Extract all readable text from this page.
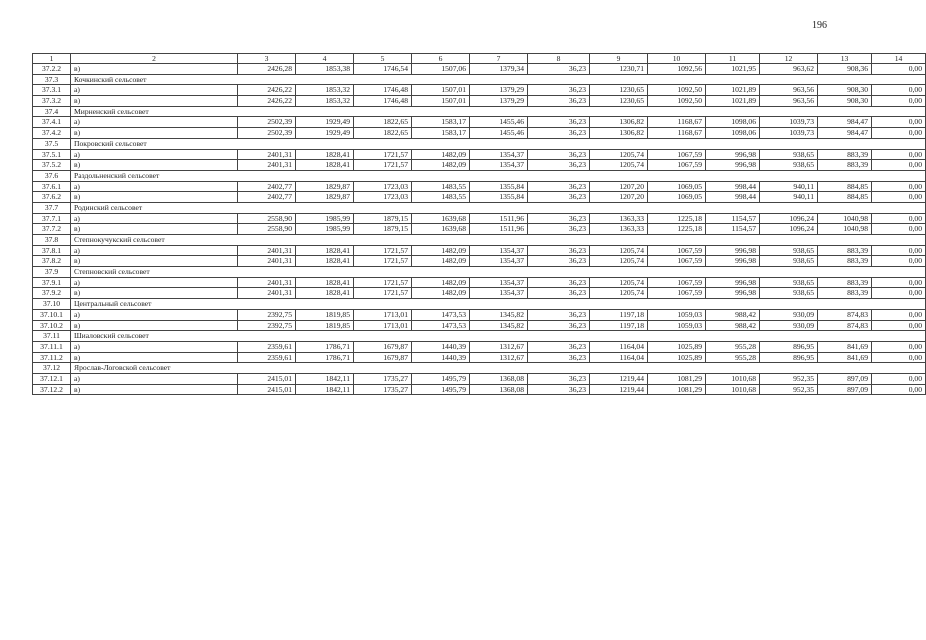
196
1	2	3	4	5	6	7	8	9	10	11	12	13	14
37.2.2	в)	2426,28	1853,38	1746,54	1507,06	1379,34	36,23	1230,71	1092,56	1021,95	963,62	908,36	0,00
37.3	Кочкинский сельсовет												
37.3.1	а)	2426,22	1853,32	1746,48	1507,01	1379,29	36,23	1230,65	1092,50	1021,89	963,56	908,30	0,00
37.3.2	в)	2426,22	1853,32	1746,48	1507,01	1379,29	36,23	1230,65	1092,50	1021,89	963,56	908,30	0,00
37.4	Мирненский сельсовет												
37.4.1	а)	2502,39	1929,49	1822,65	1583,17	1455,46	36,23	1306,82	1168,67	1098,06	1039,73	984,47	0,00
37.4.2	в)	2502,39	1929,49	1822,65	1583,17	1455,46	36,23	1306,82	1168,67	1098,06	1039,73	984,47	0,00
37.5	Покровский сельсовет												
37.5.1	а)	2401,31	1828,41	1721,57	1482,09	1354,37	36,23	1205,74	1067,59	996,98	938,65	883,39	0,00
37.5.2	в)	2401,31	1828,41	1721,57	1482,09	1354,37	36,23	1205,74	1067,59	996,98	938,65	883,39	0,00
37.6	Раздольненский сельсовет												
37.6.1	а)	2402,77	1829,87	1723,03	1483,55	1355,84	36,23	1207,20	1069,05	998,44	940,11	884,85	0,00
37.6.2	в)	2402,77	1829,87	1723,03	1483,55	1355,84	36,23	1207,20	1069,05	998,44	940,11	884,85	0,00
37.7	Родинский сельсовет												
37.7.1	а)	2558,90	1985,99	1879,15	1639,68	1511,96	36,23	1363,33	1225,18	1154,57	1096,24	1040,98	0,00
37.7.2	в)	2558,90	1985,99	1879,15	1639,68	1511,96	36,23	1363,33	1225,18	1154,57	1096,24	1040,98	0,00
37.8	Степнокучукский сельсовет												
37.8.1	а)	2401,31	1828,41	1721,57	1482,09	1354,37	36,23	1205,74	1067,59	996,98	938,65	883,39	0,00
37.8.2	в)	2401,31	1828,41	1721,57	1482,09	1354,37	36,23	1205,74	1067,59	996,98	938,65	883,39	0,00
37.9	Степновский сельсовет												
37.9.1	а)	2401,31	1828,41	1721,57	1482,09	1354,37	36,23	1205,74	1067,59	996,98	938,65	883,39	0,00
37.9.2	в)	2401,31	1828,41	1721,57	1482,09	1354,37	36,23	1205,74	1067,59	996,98	938,65	883,39	0,00
37.10	Центральный сельсовет												
37.10.1	а)	2392,75	1819,85	1713,01	1473,53	1345,82	36,23	1197,18	1059,03	988,42	930,09	874,83	0,00
37.10.2	в)	2392,75	1819,85	1713,01	1473,53	1345,82	36,23	1197,18	1059,03	988,42	930,09	874,83	0,00
37.11	Шиаловский сельсовет												
37.11.1	а)	2359,61	1786,71	1679,87	1440,39	1312,67	36,23	1164,04	1025,89	955,28	896,95	841,69	0,00
37.11.2	в)	2359,61	1786,71	1679,87	1440,39	1312,67	36,23	1164,04	1025,89	955,28	896,95	841,69	0,00
37.12	Ярослав-Логовской сельсовет												
37.12.1	а)	2415,01	1842,11	1735,27	1495,79	1368,08	36,23	1219,44	1081,29	1010,68	952,35	897,09	0,00
37.12.2	в)	2415,01	1842,11	1735,27	1495,79	1368,08	36,23	1219,44	1081,29	1010,68	952,35	897,09	0,00
